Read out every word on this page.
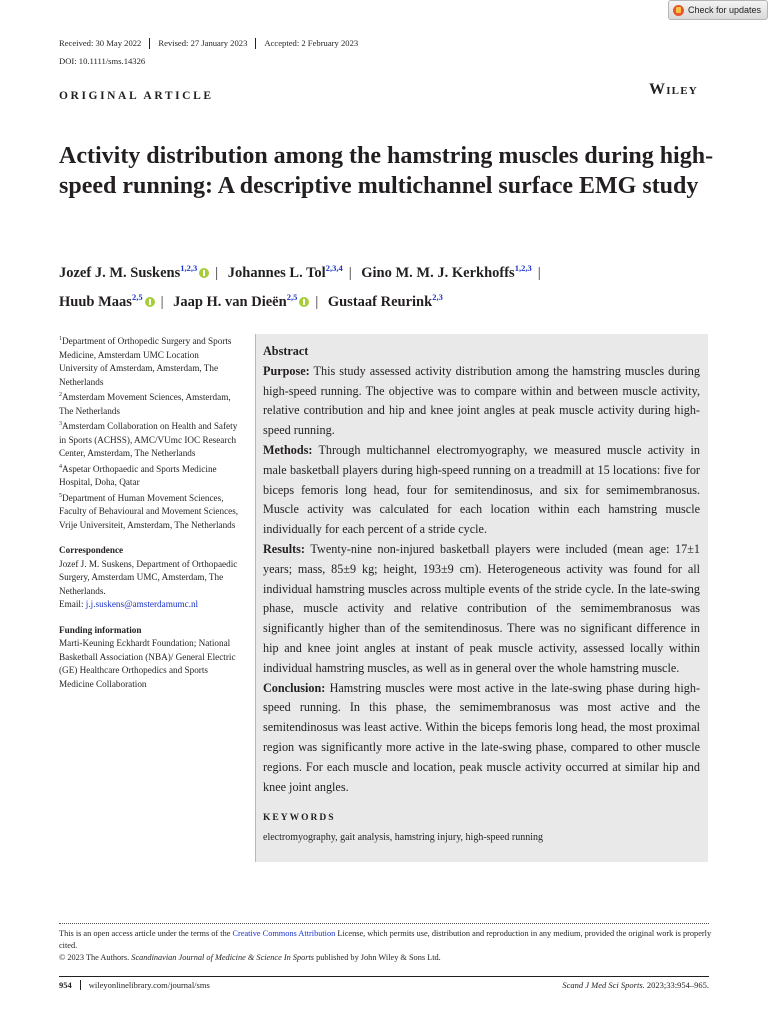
Check for updates
Received: 30 May 2022	Revised: 27 January 2023	Accepted: 2 February 2023
DOI: 10.1111/sms.14326
ORIGINAL ARTICLE	Wiley
Activity distribution among the hamstring muscles during high-speed running: A descriptive multichannel surface EMG study
Jozef J. M. Suskens$^{1,2,3}$ | Johannes L. Tol$^{2,3,4}$ | Gino M. M. J. Kerkhoffs$^{1,2,3}$ |
Huub Maas$^{2,5}$ | Jaap H. van Dieën$^{2,5}$ | Gustaaf Reurink$^{2,3}$

$^1$Department of Orthopedic Surgery and Sports Medicine, Amsterdam UMC Location University of Amsterdam, Amsterdam, The Netherlands

$^2$Amsterdam Movement Sciences, Amsterdam, The Netherlands

$^3$Amsterdam Collaboration on Health and Safety in Sports (ACHSS), AMC/VUmc IOC Research Center, Amsterdam, The Netherlands

$^4$Aspetar Orthopaedic and Sports Medicine Hospital, Doha, Qatar

$^5$Department of Human Movement Sciences, Faculty of Behavioural and Movement Sciences, Vrije Universiteit, Amsterdam, The Netherlands

Correspondence

Jozef J. M. Suskens, Department of Orthopaedic Surgery, Amsterdam UMC, Amsterdam, The Netherlands.
Email: j.j.suskens@amsterdamumc.nl

Funding information

Marti-Keuning Eckhardt Foundation; National Basketball Association (NBA)/ General Electric (GE) Healthcare Orthopedics and Sports Medicine Collaboration

Abstract

Purpose: This study assessed activity distribution among the hamstring muscles during high-speed running. The objective was to compare within and between muscle activity, relative contribution and hip and knee joint angles at peak muscle activity during high-speed running.

Methods: Through multichannel electromyography, we measured muscle activity in male basketball players during high-speed running on a treadmill at 15 locations: five for biceps femoris long head, four for semitendinosus, and six for semimembranosus. Muscle activity was calculated for each location within each hamstring muscle individually for each percent of a stride cycle.

Results: Twenty-nine non-injured basketball players were included (mean age: 17±1 years; mass, 85±9 kg; height, 193±9 cm). Heterogeneous activity was found for all individual hamstring muscles across multiple events of the stride cycle. In the late-swing phase, muscle activity and relative contribution of the semimembranosus was significantly higher than of the semitendinosus. There was no significant difference in hip and knee joint angles at instant of peak muscle activity, assessed locally within individual hamstring muscles, as well as in general over the whole hamstring muscle.

Conclusion: Hamstring muscles were most active in the late-swing phase during high-speed running. In this phase, the semimembranosus was most active and the semitendinosus was least active. Within the biceps femoris long head, the most proximal region was significantly more active in the late-swing phase, compared to other muscle regions. For each muscle and location, peak muscle activity occurred at similar hip and knee joint angles.

KEYWORDS
electromyography, gait analysis, hamstring injury, high-speed running
This is an open access article under the terms of the Creative Commons Attribution License, which permits use, distribution and reproduction in any medium, provided the original work is properly cited.
© 2023 The Authors. Scandinavian Journal of Medicine & Science In Sports published by John Wiley & Sons Ltd.
954	wileyonlinelibrary.com/journal/sms	Scand J Med Sci Sports. 2023;33:954–965.
